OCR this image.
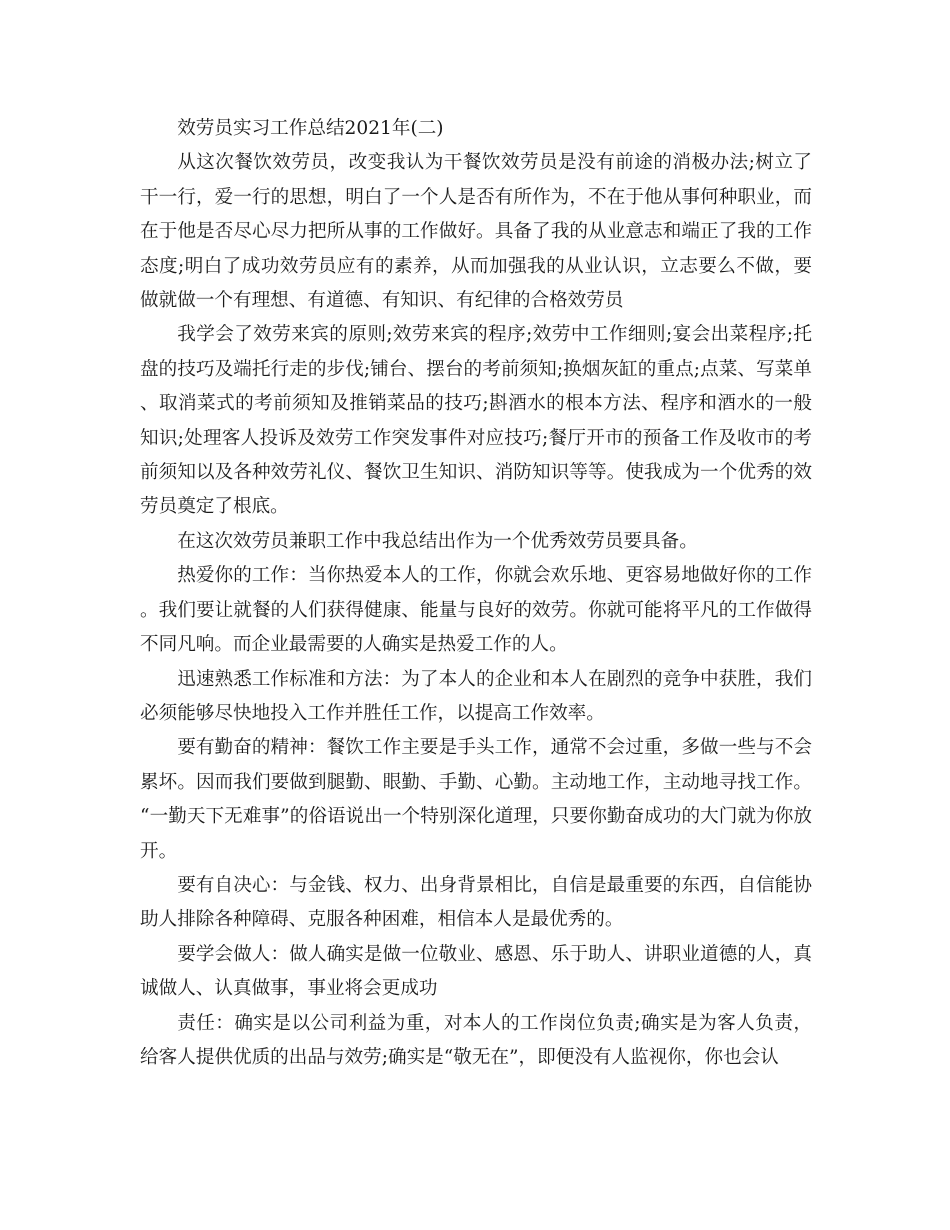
效劳员实习工作总结2021年(二)

从这次餐饮效劳员，改变我认为干餐饮效劳员是没有前途的消极办法;树立了干一行，爱一行的思想，明白了一个人是否有所作为，不在于他从事何种职业，而在于他是否尽心尽力把所从事的工作做好。具备了我的从业意志和端正了我的工作态度;明白了成功效劳员应有的素养，从而加强我的从业认识，立志要么不做，要做就做一个有理想、有道德、有知识、有纪律的合格效劳员

我学会了效劳来宾的原则;效劳来宾的程序;效劳中工作细则;宴会出菜程序;托盘的技巧及端托行走的步伐;铺台、摆台的考前须知;换烟灰缸的重点;点菜、写菜单、取消菜式的考前须知及推销菜品的技巧;斟酒水的根本方法、程序和酒水的一般知识;处理客人投诉及效劳工作突发事件对应技巧;餐厅开市的预备工作及收市的考前须知以及各种效劳礼仪、餐饮卫生知识、消防知识等等。使我成为一个优秀的效劳员奠定了根底。

在这次效劳员兼职工作中我总结出作为一个优秀效劳员要具备。

热爱你的工作：当你热爱本人的工作，你就会欢乐地、更容易地做好你的工作。我们要让就餐的人们获得健康、能量与良好的效劳。你就可能将平凡的工作做得不同凡响。而企业最需要的人确实是热爱工作的人。

迅速熟悉工作标准和方法：为了本人的企业和本人在剧烈的竞争中获胜，我们必须能够尽快地投入工作并胜任工作，以提高工作效率。

要有勤奋的精神：餐饮工作主要是手头工作，通常不会过重，多做一些与不会累坏。因而我们要做到腿勤、眼勤、手勤、心勤。主动地工作，主动地寻找工作。“一勤天下无难事”的俗语说出一个特别深化道理，只要你勤奋成功的大门就为你放开。

要有自决心：与金钱、权力、出身背景相比，自信是最重要的东西，自信能协助人排除各种障碍、克服各种困难，相信本人是最优秀的。

要学会做人：做人确实是做一位敬业、感恩、乐于助人、讲职业道德的人，真诚做人、认真做事，事业将会更成功

责任：确实是以公司利益为重，对本人的工作岗位负责;确实是为客人负责，给客人提供优质的出品与效劳;确实是“敬无在”，即便没有人监视你，你也会认
